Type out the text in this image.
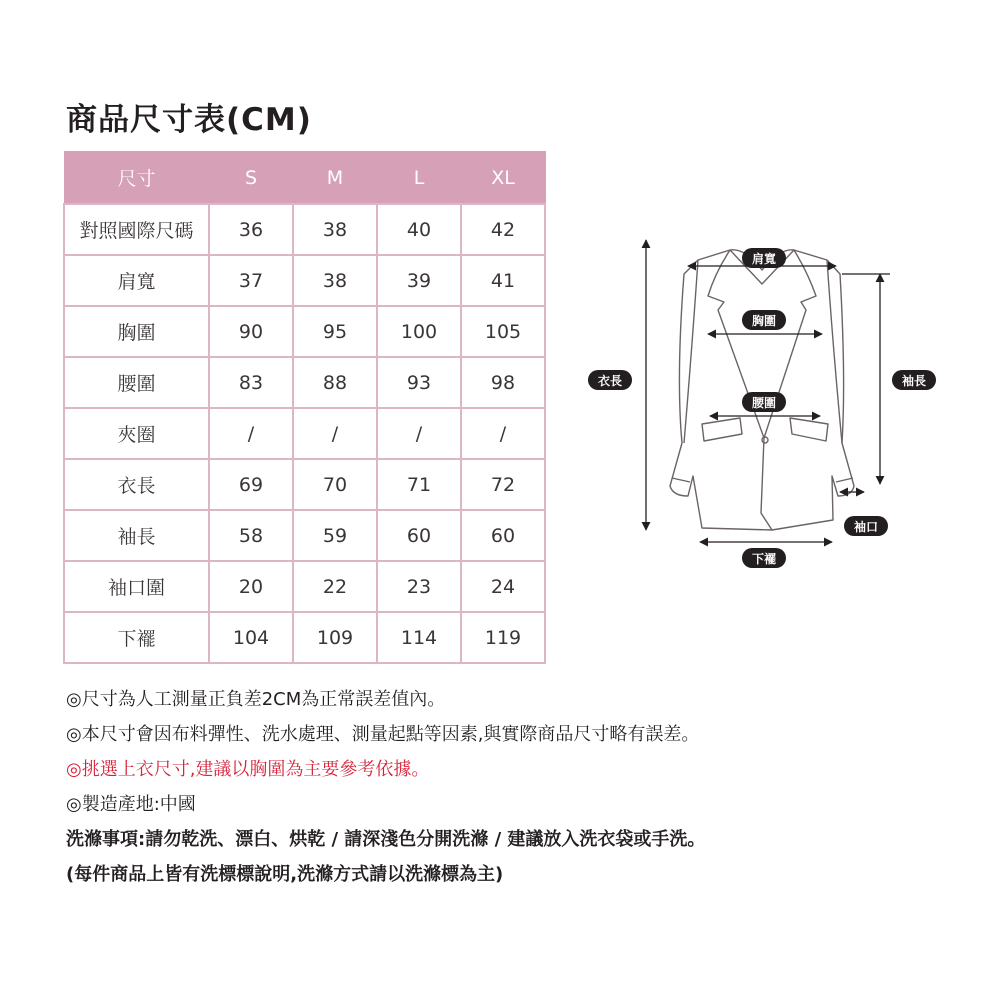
商品尺寸表(CM)
尺寸	S	M	L	XL
對照國際尺碼	36	38	40	42
肩寬	37	38	39	41
胸圍	90	95	100	105
腰圍	83	88	93	98
夾圈	/	/	/	/
衣長	69	70	71	72
袖長	58	59	60	60
袖口圍	20	22	23	24
下襬	104	109	114	119
肩寬
胸圍
腰圍
衣長	袖長
袖口
下襬
◎尺寸為人工測量正負差2CM為正常誤差值內。
◎本尺寸會因布料彈性、洗水處理、測量起點等因素,與實際商品尺寸略有誤差。
◎挑選上衣尺寸,建議以胸圍為主要參考依據。
◎製造產地:中國
洗滌事項:請勿乾洗、漂白、烘乾 / 請深淺色分開洗滌 / 建議放入洗衣袋或手洗。
(每件商品上皆有洗標標說明,洗滌方式請以洗滌標為主)
